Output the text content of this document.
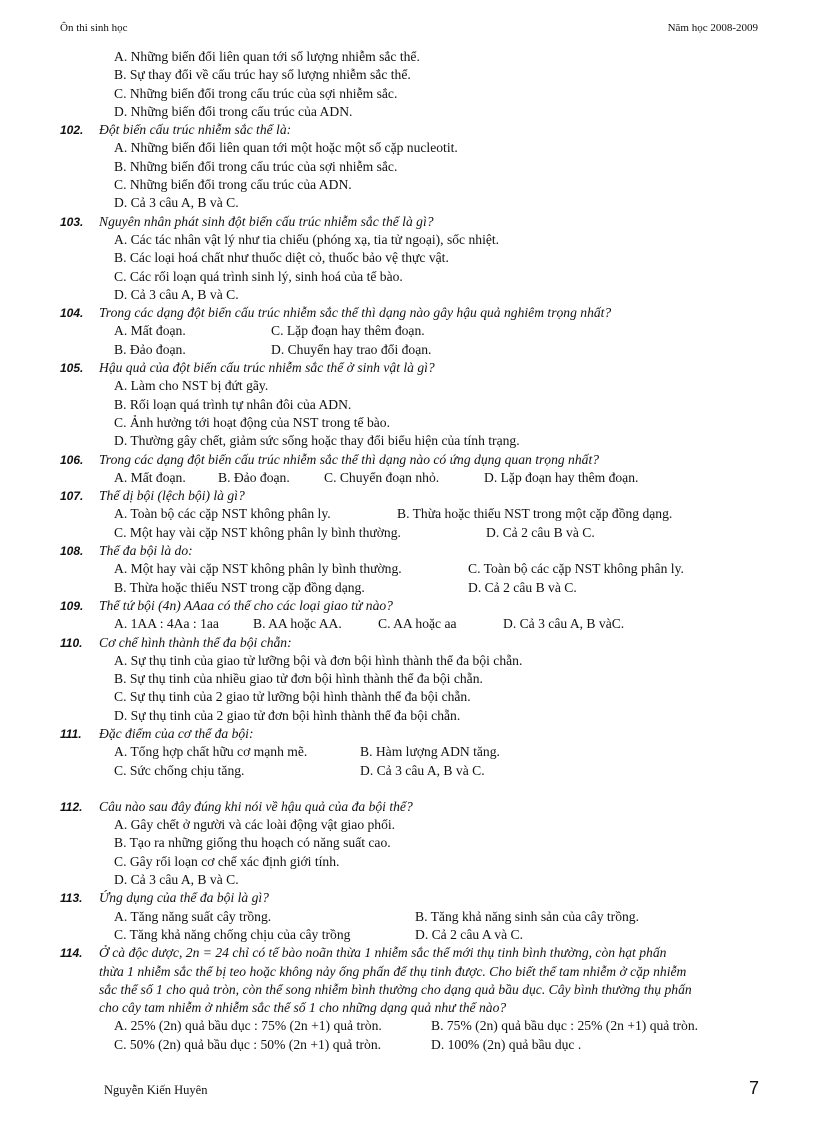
Ôn thi sinh học	Năm học 2008-2009
A. Những biến đổi liên quan tới số lượng nhiễm sắc thể.
B. Sự thay đổi về cấu trúc hay số lượng nhiễm sắc thể.
C. Những biến đổi trong cấu trúc của sợi nhiễm sắc.
D. Những biến đổi trong cấu trúc của ADN.
102. Đột biến cấu trúc nhiễm sắc thể là:
A. Những biến đổi liên quan tới một hoặc một số cặp nucleotit.
B. Những biến đổi trong cấu trúc của sợi nhiễm sắc.
C. Những biến đổi trong cấu trúc của ADN.
D. Cả 3 câu A, B và C.
103. Nguyên nhân phát sinh đột biến cấu trúc nhiễm sắc thể là gì?
A. Các tác nhân vật lý như tia chiếu (phóng xạ, tia tử ngoại), sốc nhiệt.
B. Các loại hoá chất như thuốc diệt cỏ, thuốc bảo vệ thực vật.
C. Các rối loạn quá trình sinh lý, sinh hoá của tế bào.
D. Cả 3 câu A, B và C.
104. Trong các dạng đột biến cấu trúc nhiễm sắc thể thì dạng nào gây hậu quả nghiêm trọng nhất?
A. Mất đoạn.	C. Lặp đoạn hay thêm đoạn.
B. Đảo đoạn.	D. Chuyển hay trao đổi đoạn.
105. Hậu quả của đột biến cấu trúc nhiễm sắc thể ở sinh vật là gì?
A. Làm cho NST bị đứt gãy.
B. Rối loạn quá trình tự nhân đôi của ADN.
C. Ảnh hưởng tới hoạt động của NST trong tế bào.
D. Thường gây chết, giảm sức sống hoặc thay đổi biểu hiện của tính trạng.
106. Trong các dạng đột biến cấu trúc nhiễm sắc thể thì dạng nào có ứng dụng quan trọng nhất?
A. Mất đoạn. B. Đảo đoạn.	C. Chuyển đoạn nhỏ.	D. Lặp đoạn hay thêm đoạn.
107. Thể dị bội (lệch bội) là gì?
A. Toàn bộ các cặp NST không phân ly.	B. Thừa hoặc thiếu NST trong một cặp đồng dạng.
C. Một hay vài cặp NST không phân ly bình thường.	D. Cả 2 câu B và C.
108. Thể đa bội là do:
A. Một hay vài cặp NST không phân ly bình thường.	C. Toàn bộ các cặp NST không phân ly.
B. Thừa hoặc thiếu NST trong cặp đồng dạng.	D. Cả 2 câu B và C.
109. Thể tứ bội (4n) AAaa có thể cho các loại giao tử nào?
A. 1AA : 4Aa : 1aa	B. AA hoặc AA.	C. AA hoặc aa	D. Cả 3 câu A, B vàC.
110. Cơ chế hình thành thể đa bội chẵn:
A. Sự thụ tinh của giao tử lưỡng bội và đơn bội hình thành thể đa bội chẵn.
B. Sự thụ tinh của nhiều giao tử đơn bội hình thành thể đa bội chẵn.
C. Sự thụ tinh của 2 giao tử lưỡng bội hình thành thể đa bội chẵn.
D. Sự thụ tinh của 2 giao tử đơn bội hình thành thể đa bội chẵn.
111. Đặc điểm của cơ thể đa bội:
A. Tổng hợp chất hữu cơ mạnh mẽ.	B. Hàm lượng ADN tăng.
C. Sức chống chịu tăng.	D. Cả 3 câu A, B và C.
112. Câu nào sau đây đúng khi nói về hậu quả của đa bội thể?
A. Gây chết ở người và các loài động vật giao phối.
B. Tạo ra những giống thu hoạch có năng suất cao.
C. Gây rối loạn cơ chế xác định giới tính.
D. Cả 3 câu A, B và C.
113. Ứng dụng của thể đa bội là gì?
A. Tăng năng suất cây trồng.	B. Tăng khả năng sinh sản của cây trồng.
C. Tăng khả năng chống chịu của cây trồng	D. Cả 2 câu A và C.
114. Ở cà độc dược, 2n = 24 chỉ có tế bào noãn thừa 1 nhiễm sắc thể mới thụ tinh bình thường, còn hạt phấn
thừa 1 nhiễm sắc thể bị teo hoặc không nảy ống phấn để thụ tinh được. Cho biết thể tam nhiễm ở cặp nhiễm
sắc thể số 1 cho quả tròn, còn thể song nhiễm bình thường cho dạng quả bầu dục. Cây bình thường thụ phấn
cho cây tam nhiễm ở nhiễm sắc thể số 1 cho những dạng quả như thế nào?
A. 25% (2n) quả bầu dục : 75% (2n +1) quả tròn.	B. 75% (2n) quả bầu dục : 25% (2n +1) quả tròn.
C. 50% (2n) quả bầu dục : 50% (2n +1) quả tròn.	D. 100% (2n) quả bầu dục .
Nguyễn Kiến Huyên	7
